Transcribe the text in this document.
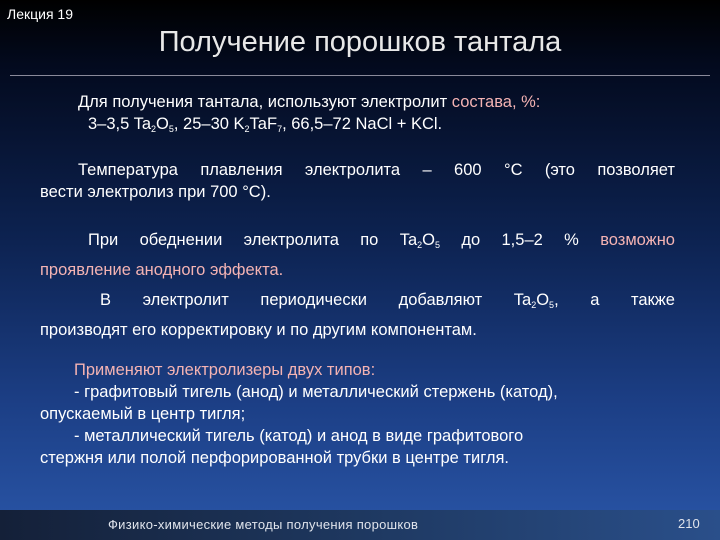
Лекция 19
Получение порошков тантала

Для получения тантала, используют электролит состава, %:

3–3,5 $Ta_2O_5$, 25–30 $K_2TaF_7$, 66,5–72 NaCl + KCl.

Температура плавления электролита – 600 °С (это позволяет

вести электролиз при 700 °С).

При обеднении электролита по $Ta_2O_5$ до 1,5–2 % возможно

проявление анодного эффекта.

В электролит периодически добавляют $Ta_2O_5$, а также

производят его корректировку и по другим компонентам.

Применяют электролизеры двух типов:

- графитовый тигель (анод) и металлический стержень (катод),

опускаемый в центр тигля;

- металлический тигель (катод) и анод в виде графитового

стержня или полой перфорированной трубки в центре тигля.

Физико-химические методы получения порошков	210
